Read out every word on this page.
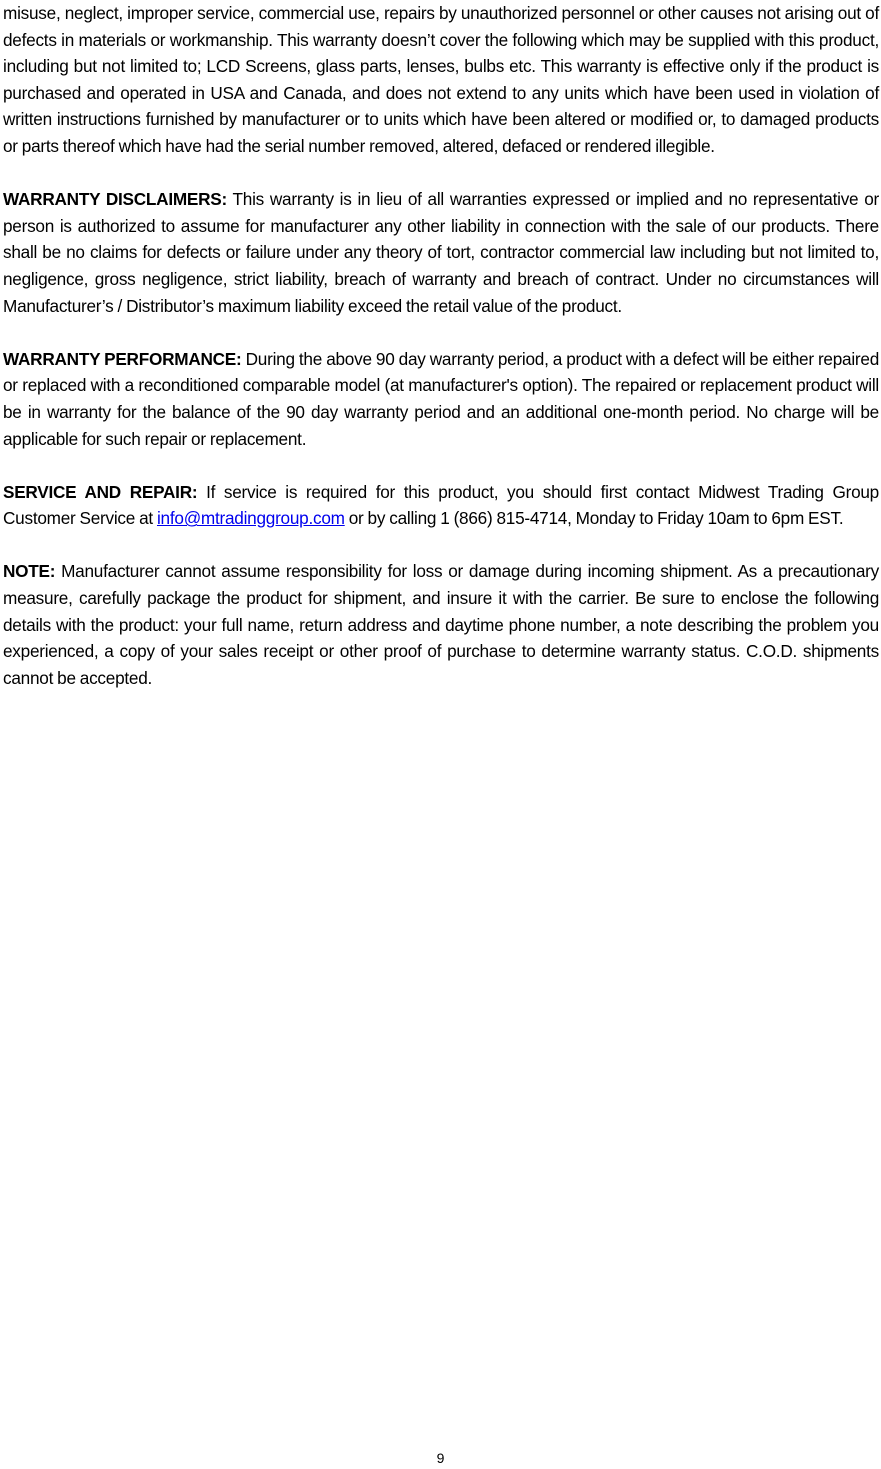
misuse, neglect, improper service, commercial use, repairs by unauthorized personnel or other causes not arising out of defects in materials or workmanship. This warranty doesn’t cover the following which may be supplied with this product, including but not limited to; LCD Screens, glass parts, lenses, bulbs etc. This warranty is effective only if the product is purchased and operated in USA and Canada, and does not extend to any units which have been used in violation of written instructions furnished by manufacturer or to units which have been altered or modified or, to damaged products or parts thereof which have had the serial number removed, altered, defaced or rendered illegible.

WARRANTY DISCLAIMERS: This warranty is in lieu of all warranties expressed or implied and no representative or person is authorized to assume for manufacturer any other liability in connection with the sale of our products. There shall be no claims for defects or failure under any theory of tort, contractor commercial law including but not limited to, negligence, gross negligence, strict liability, breach of warranty and breach of contract. Under no circumstances will Manufacturer’s / Distributor’s maximum liability exceed the retail value of the product.

WARRANTY PERFORMANCE: During the above 90 day warranty period, a product with a defect will be either repaired or replaced with a reconditioned comparable model (at manufacturer's option). The repaired or replacement product will be in warranty for the balance of the 90 day warranty period and an additional one-month period. No charge will be applicable for such repair or replacement.

SERVICE AND REPAIR: If service is required for this product, you should first contact Midwest Trading Group Customer Service at info@mtradinggroup.com or by calling 1 (866) 815-4714, Monday to Friday 10am to 6pm EST.

NOTE: Manufacturer cannot assume responsibility for loss or damage during incoming shipment. As a precautionary measure, carefully package the product for shipment, and insure it with the carrier. Be sure to enclose the following details with the product: your full name, return address and daytime phone number, a note describing the problem you experienced, a copy of your sales receipt or other proof of purchase to determine warranty status. C.O.D. shipments cannot be accepted.

9
